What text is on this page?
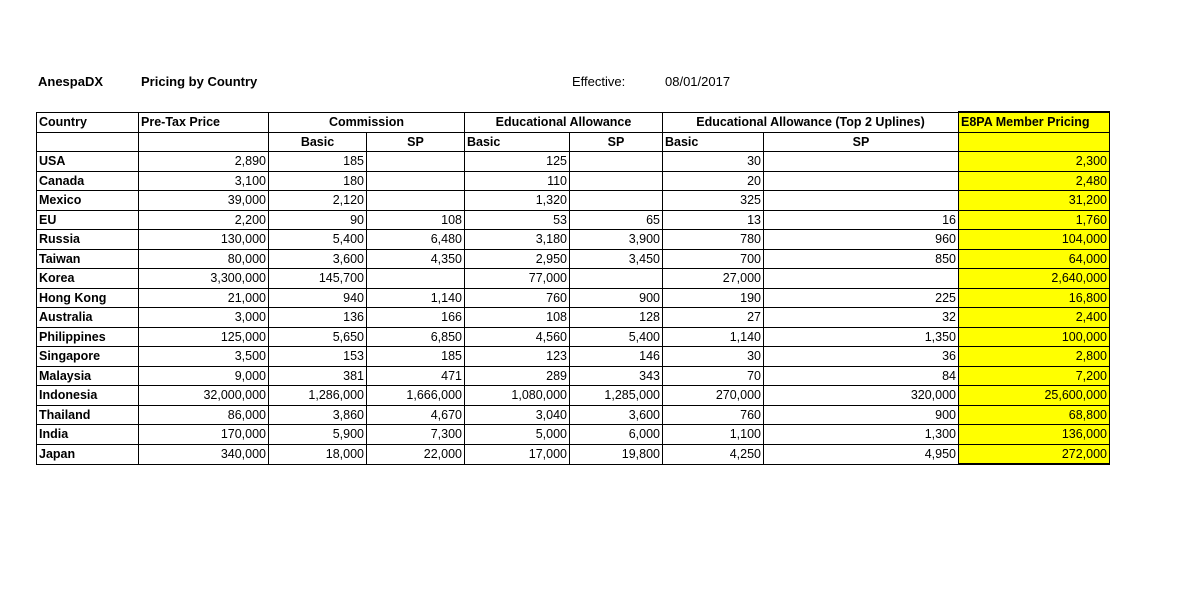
AnespaDX	Pricing by Country	Effective:	08/01/2017
Country	Pre-Tax Price	Commission		Educational Allowance		Educational Allowance (Top 2 Uplines)		E8PA Member Pricing
		Basic	SP	Basic	SP	Basic	SP	
USA	2,890	185		125		30		2,300
Canada	3,100	180		110		20		2,480
Mexico	39,000	2,120		1,320		325		31,200
EU	2,200	90	108	53	65	13	16	1,760
Russia	130,000	5,400	6,480	3,180	3,900	780	960	104,000
Taiwan	80,000	3,600	4,350	2,950	3,450	700	850	64,000
Korea	3,300,000	145,700		77,000		27,000		2,640,000
Hong Kong	21,000	940	1,140	760	900	190	225	16,800
Australia	3,000	136	166	108	128	27	32	2,400
Philippines	125,000	5,650	6,850	4,560	5,400	1,140	1,350	100,000
Singapore	3,500	153	185	123	146	30	36	2,800
Malaysia	9,000	381	471	289	343	70	84	7,200
Indonesia	32,000,000	1,286,000	1,666,000	1,080,000	1,285,000	270,000	320,000	25,600,000
Thailand	86,000	3,860	4,670	3,040	3,600	760	900	68,800
India	170,000	5,900	7,300	5,000	6,000	1,100	1,300	136,000
Japan	340,000	18,000	22,000	17,000	19,800	4,250	4,950	272,000
